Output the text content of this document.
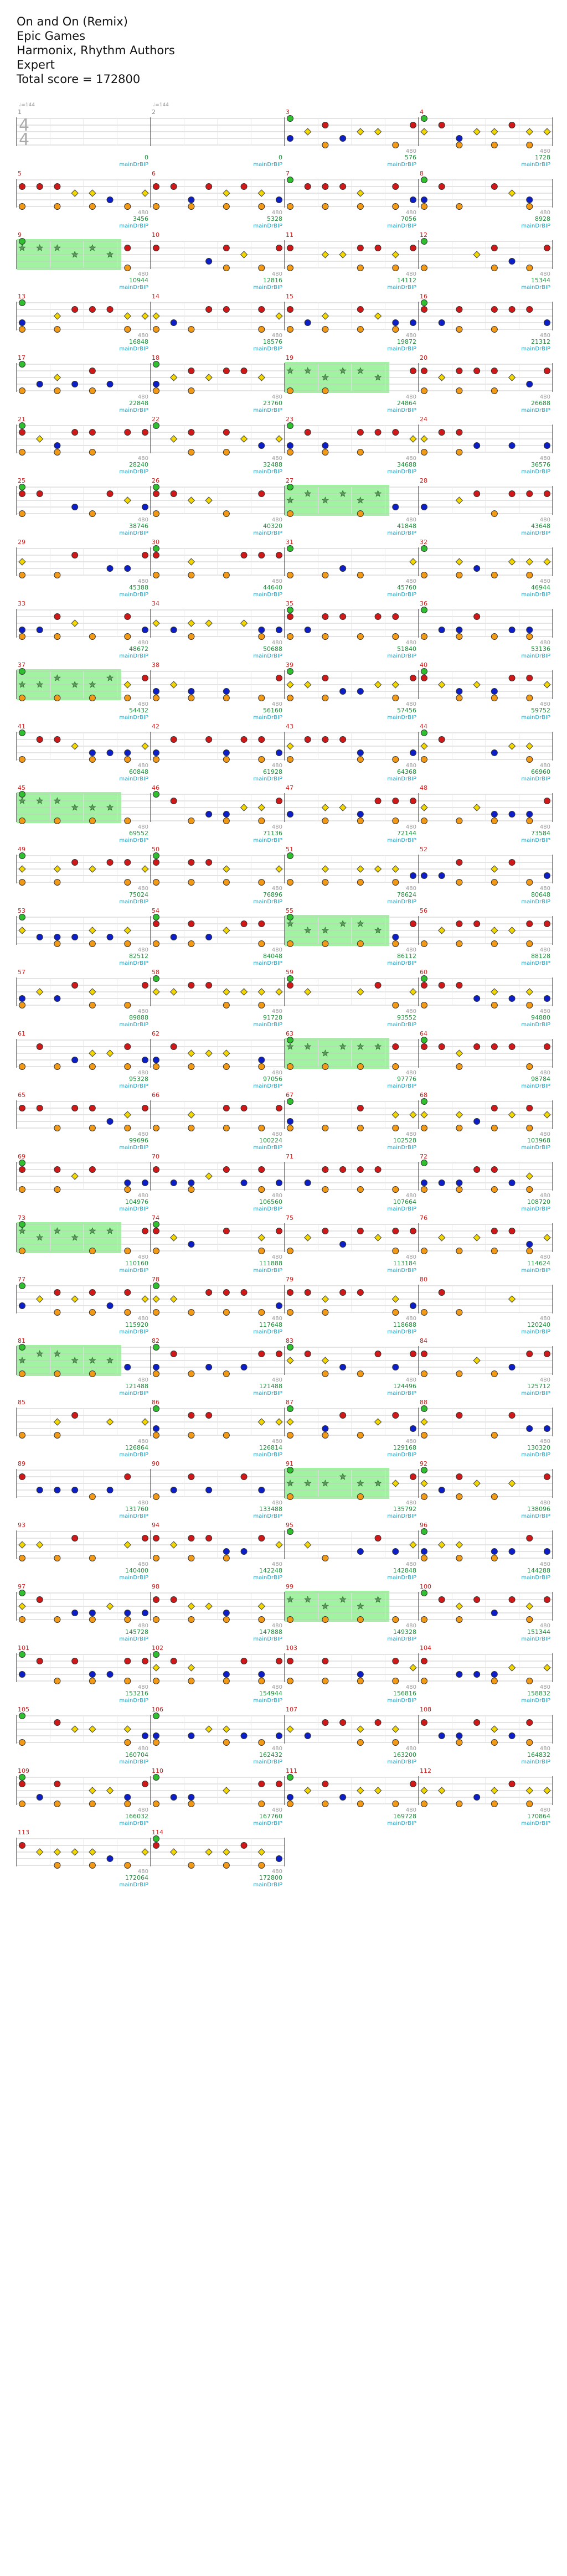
On and On (Remix)
Epic Games
Harmonix, Rhythm Authors
Expert
Total score = 172800
1
4
4
♩=144
0
mainDrBIP
2
♩=144
0
mainDrBIP
3
480
576
mainDrBIP
4
480
1728
mainDrBIP
5
480
3456
mainDrBIP
6
480
5328
mainDrBIP
7
480
7056
mainDrBIP
8
480
8928
mainDrBIP
9
480
10944
mainDrBIP
10
480
12816
mainDrBIP
11
480
14112
mainDrBIP
12
480
15344
mainDrBIP
13
480
16848
mainDrBIP
14
480
18576
mainDrBIP
15
480
19872
mainDrBIP
16
480
21312
mainDrBIP
17
480
22848
mainDrBIP
18
480
23760
mainDrBIP
19
480
24864
mainDrBIP
20
480
26688
mainDrBIP
21
480
28240
mainDrBIP
22
480
32488
mainDrBIP
23
480
34688
mainDrBIP
24
480
36576
mainDrBIP
25
480
38746
mainDrBIP
26
480
40320
mainDrBIP
27
480
41848
mainDrBIP
28
480
43648
mainDrBIP
29
480
45388
mainDrBIP
30
480
44640
mainDrBIP
31
480
45760
mainDrBIP
32
480
46944
mainDrBIP
33
480
48672
mainDrBIP
34
480
50688
mainDrBIP
35
480
51840
mainDrBIP
36
480
53136
mainDrBIP
37
480
54432
mainDrBIP
38
480
56160
mainDrBIP
39
480
57456
mainDrBIP
40
480
59752
mainDrBIP
41
480
60848
mainDrBIP
42
480
61928
mainDrBIP
43
480
64368
mainDrBIP
44
480
66960
mainDrBIP
45
480
69552
mainDrBIP
46
480
71136
mainDrBIP
47
480
72144
mainDrBIP
48
480
73584
mainDrBIP
49
480
75024
mainDrBIP
50
480
76896
mainDrBIP
51
480
78624
mainDrBIP
52
480
80648
mainDrBIP
53
480
82512
mainDrBIP
54
480
84048
mainDrBIP
55
480
86112
mainDrBIP
56
480
88128
mainDrBIP
57
480
89888
mainDrBIP
58
480
91728
mainDrBIP
59
480
93552
mainDrBIP
60
480
94880
mainDrBIP
61
480
95328
mainDrBIP
62
480
97056
mainDrBIP
63
480
97776
mainDrBIP
64
480
98784
mainDrBIP
65
480
99696
mainDrBIP
66
480
100224
mainDrBIP
67
480
102528
mainDrBIP
68
480
103968
mainDrBIP
69
480
104976
mainDrBIP
70
480
106560
mainDrBIP
71
480
107664
mainDrBIP
72
480
108720
mainDrBIP
73
480
110160
mainDrBIP
74
480
111888
mainDrBIP
75
480
113184
mainDrBIP
76
480
114624
mainDrBIP
77
480
115920
mainDrBIP
78
480
117648
mainDrBIP
79
480
118688
mainDrBIP
80
480
120240
mainDrBIP
81
480
121488
mainDrBIP
82
480
121488
mainDrBIP
83
480
124496
mainDrBIP
84
480
125712
mainDrBIP
85
480
126864
mainDrBIP
86
480
126814
mainDrBIP
87
480
129168
mainDrBIP
88
480
130320
mainDrBIP
89
480
131760
mainDrBIP
90
480
133488
mainDrBIP
91
480
135792
mainDrBIP
92
480
138096
mainDrBIP
93
480
140400
mainDrBIP
94
480
142248
mainDrBIP
95
480
142848
mainDrBIP
96
480
144288
mainDrBIP
97
480
145728
mainDrBIP
98
480
147888
mainDrBIP
99
480
149328
mainDrBIP
100
480
151344
mainDrBIP
101
480
153216
mainDrBIP
102
480
154944
mainDrBIP
103
480
156816
mainDrBIP
104
480
158832
mainDrBIP
105
480
160704
mainDrBIP
106
480
162432
mainDrBIP
107
480
163200
mainDrBIP
108
480
164832
mainDrBIP
109
480
166032
mainDrBIP
110
480
167760
mainDrBIP
111
480
169728
mainDrBIP
112
480
170864
mainDrBIP
113
480
172064
mainDrBIP
114
480
172800
mainDrBIP
